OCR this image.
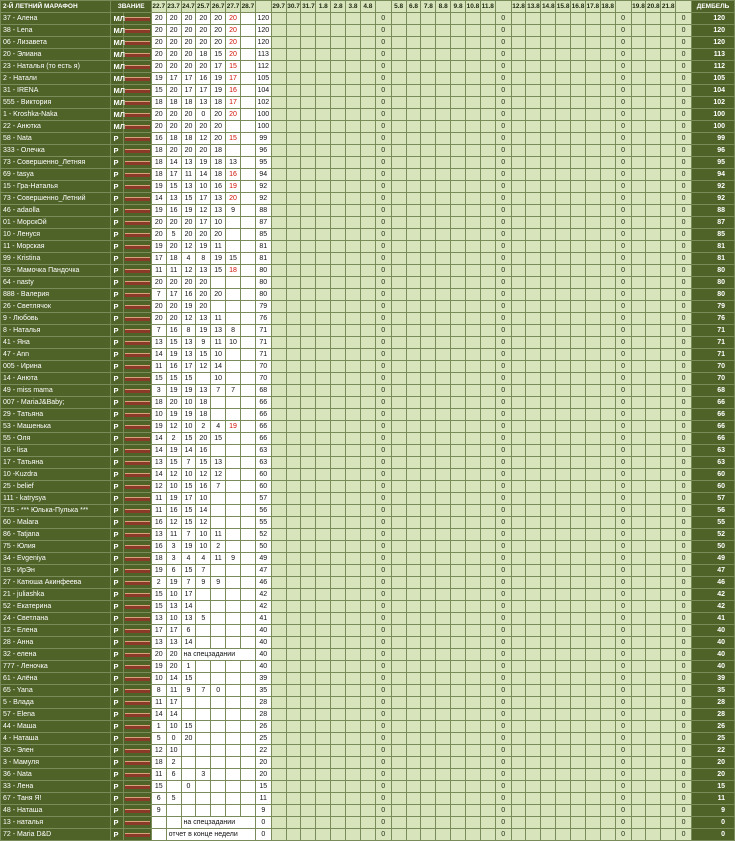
2-Й ЛЕТНИЙ МАРАФОН	ЗВАНИЕ		22.7	23.7	24.7	25.7	26.7	27.7	28.7		29.7	30.7	31.7	1.8	2.8	3.8	4.8		5.8	6.8	7.8	8.8	9.8	10.8	11.8		12.8	13.8	14.8	15.8	16.8	17.8	18.8		19.8	20.8	21.8		ДЕМБЕЛЬ
37 - Алена	МЛ		20	20	20	20	20	20		120								0								0								0				0	120
38 - Lena	МЛ		20	20	20	20	20	20		120								0								0								0				0	120
06 - Лизавета	МЛ		20	20	20	20	20	20		120								0								0								0				0	120
20 - Элиана	МЛ		20	20	20	18	15	20		113								0								0								0				0	113
23 - Наталья (то есть я)	МЛ		20	20	20	20	17	15		112								0								0								0				0	112
2 - Натали	МЛ		19	17	17	16	19	17		105								0								0								0				0	105
31 - IRENA	МЛ		15	20	17	17	19	16		104								0								0								0				0	104
555 - Виктория	МЛ		18	18	18	13	18	17		102								0								0								0				0	102
1 - Kroshka-Naka	МЛ		20	20	20	0	20	20		100								0								0								0				0	100
22 - Анютка	МЛ		20	20	20	20	20			100								0								0								0				0	100
58 - Nata	Р		16	18	18	12	20	15		99								0								0								0				0	99
333 - Олечка	Р		18	20	20	20	18			96								0								0								0				0	96
73 - Совершенно_Летняя	Р		18	14	13	19	18	13		95								0								0								0				0	95
69 - tasya	Р		18	17	11	14	18	16		94								0								0								0				0	94
15 - Гра-Наталья	Р		19	15	13	10	16	19		92								0								0								0				0	92
73 - Совершенно_Летний	Р		14	13	15	17	13	20		92								0								0								0				0	92
46 - adaolla	Р		19	16	19	12	13	9		88								0								0								0				0	88
01 - МорскОй	Р		20	20	20	17	10			87								0								0								0				0	87
10 - Ленуся	Р		20	5	20	20	20			85								0								0								0				0	85
11 - Морская	Р		19	20	12	19	11			81								0								0								0				0	81
99 - Kristina	Р		17	18	4	8	19	15		81								0								0								0				0	81
59 - Мамочка Пандочка	Р		11	11	12	13	15	18		80								0								0								0				0	80
64 - nasty	Р		20	20	20	20				80								0								0								0				0	80
888 - Валерия	Р		7	17	16	20	20			80								0								0								0				0	80
26 - Светлячок	Р		20	20	19	20				79								0								0								0				0	79
9 - Любовь	Р		20	20	12	13	11			76								0								0								0				0	76
8 - Наталья	Р		7	16	8	19	13	8		71								0								0								0				0	71
41 - Яна	Р		13	15	13	9	11	10		71								0								0								0				0	71
47 - Ann	Р		14	19	13	15	10			71								0								0								0				0	71
005 - Ирина	Р		11	16	17	12	14			70								0								0								0				0	70
14 - Анюта	Р		15	15	15		10			70								0								0								0				0	70
49 - miss mama	Р		3	19	19	13	7	7		68								0								0								0				0	68
007 - MariaJ&Baby;	Р		18	20	10	18				66								0								0								0				0	66
29 - Татьяна	Р		10	19	19	18				66								0								0								0				0	66
53 - Машенька	Р		19	12	10	2	4	19		66								0								0								0				0	66
55 - Оля	Р		14	2	15	20	15			66								0								0								0				0	66
16 - lisa	Р		14	19	14	16				63								0								0								0				0	63
17 - Татьяна	Р		13	15	7	15	13			63								0								0								0				0	63
10 -Kuzdra	Р		14	12	10	12	12			60								0								0								0				0	60
25 - belief	Р		12	10	15	16	7			60								0								0								0				0	60
111 - katrysya	Р		11	19	17	10				57								0								0								0				0	57
715 - *** Юлька-Пулька ***	Р		11	16	15	14				56								0								0								0				0	56
60 - Malara	Р		16	12	15	12				55								0								0								0				0	55
86 - Tatjana	Р		13	11	7	10	11			52								0								0								0				0	52
75 - Юлия	Р		16	3	19	10	2			50								0								0								0				0	50
34 - Evgeniya	Р		18	3	4	4	11	9		49								0								0								0				0	49
19 - ИрЭн	Р		19	6	15	7				47								0								0								0				0	47
27 - Катюша Акинфеева	Р		2	19	7	9	9			46								0								0								0				0	46
21 - juliashka	Р		15	10	17					42								0								0								0				0	42
52 - Екатерина	Р		15	13	14					42								0								0								0				0	42
24 - Светлана	Р		13	10	13	5				41								0								0								0				0	41
12 - Елена	Р		17	17	6					40								0								0								0				0	40
28 - Анна	Р		13	13	14					40								0								0								0				0	40
32 - елена	Р		20	20	на спецзадании					40								0								0								0				0	40
777 - Леночка	Р		19	20	1					40								0								0								0				0	40
61 - Алёна	Р		10	14	15					39								0								0								0				0	39
65 - Yana	Р		8	11	9	7	0			35								0								0								0				0	35
5 - Влада	Р		11	17						28								0								0								0				0	28
57 - Elena	Р		14	14						28								0								0								0				0	28
44 - Маша	Р		1	10	15					26								0								0								0				0	26
4 - Наташа	Р		5	0	20					25								0								0								0				0	25
30 - Элен	Р		12	10						22								0								0								0				0	22
3 - Мамуля	Р		18	2						20								0								0								0				0	20
36 - Nata	Р		11	6		3				20								0								0								0				0	20
33 - Лена	Р		15		0					15								0								0								0				0	15
67 - Таня Я!	Р		6	5						11								0								0								0				0	11
48 - Наташа	Р		9							9								0								0								0				0	9
13 - наталья	Р				на спецзадании					0								0								0								0				0	0
72 - Maria D&D	Р			отчет в конце недели						0								0								0								0				0	0
